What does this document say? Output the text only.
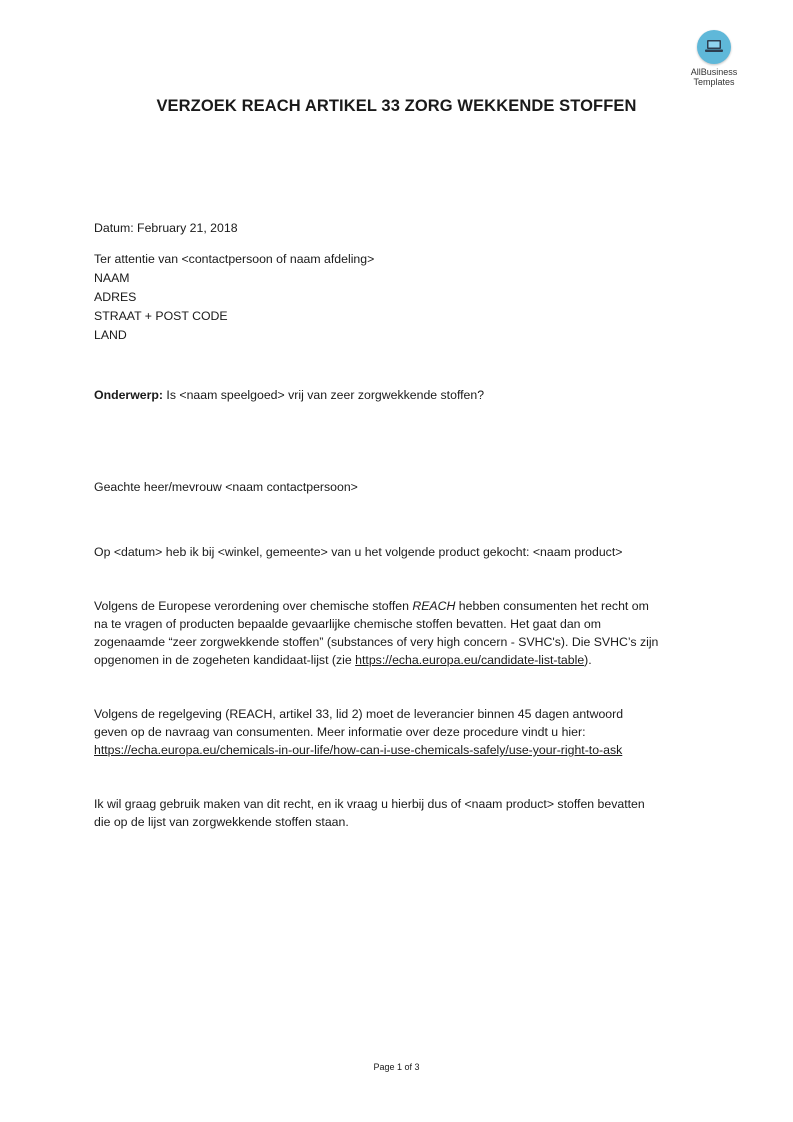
AllBusiness
Templates
VERZOEK REACH ARTIKEL 33 ZORG WEKKENDE STOFFEN
Datum: February 21, 2018
Ter attentie van <contactpersoon of naam afdeling>
NAAM
ADRES
STRAAT + POST CODE
LAND
Onderwerp: Is <naam speelgoed> vrij van zeer zorgwekkende stoffen?
Geachte heer/mevrouw <naam contactpersoon>
Op <datum> heb ik bij <winkel, gemeente> van u het volgende product gekocht: <naam product>
Volgens de Europese verordening over chemische stoffen REACH hebben consumenten het recht om
na te vragen of producten bepaalde gevaarlijke chemische stoffen bevatten. Het gaat dan om
zogenaamde “zeer zorgwekkende stoffen” (substances of very high concern - SVHC's). Die SVHC’s zijn
opgenomen in de zogeheten kandidaat-lijst (zie https://echa.europa.eu/candidate-list-table).
Volgens de regelgeving (REACH, artikel 33, lid 2) moet de leverancier binnen 45 dagen antwoord
geven op de navraag van consumenten. Meer informatie over deze procedure vindt u hier:
https://echa.europa.eu/chemicals-in-our-life/how-can-i-use-chemicals-safely/use-your-right-to-ask
Ik wil graag gebruik maken van dit recht, en ik vraag u hierbij dus of <naam product> stoffen bevatten
die op de lijst van zorgwekkende stoffen staan.
Page 1 of 3
